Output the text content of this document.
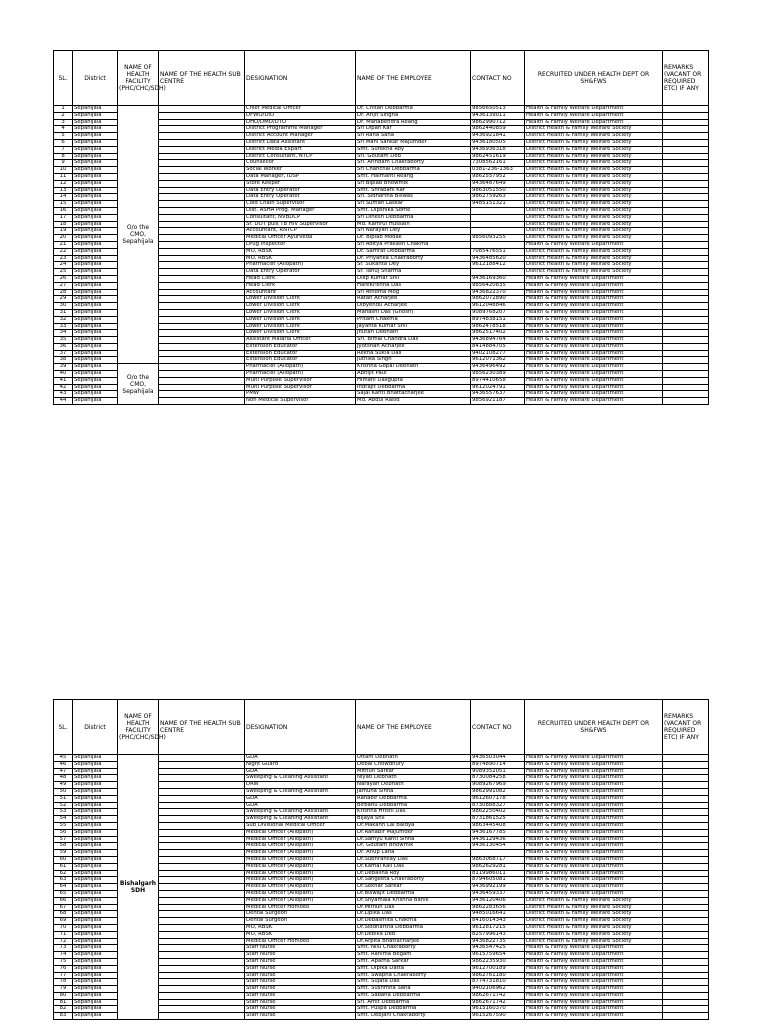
SL.	District	NAME OF HEALTH FACILITY (PHC/CHC/SDH)	NAME OF THE HEALTH SUB CENTRE	DESIGNATION	NAME OF THE EMPLOYEE	CONTACT NO	RECRUITED UNDER HEALTH DEPT OR SH&FWS	REMARKS (VACANT OR REQUIRED ETC) IF ANY
1	Sepahijala	O/o the CMO, Sepahijala		Chief Medical Officer	Dr. Chitan Debbarma	9856650513	Health & Family Welfare Department	
2	Sepahijala			DFWO/DIO	Dr. Arijit Singha	9436139011	Health & Family Welfare Department	
3	Sepahijala			DHO/DMO/DTO	Dr. Manabendra Reang	9862990712	Health & Family Welfare Department	
4	Sepahijala			District Programme Manager	Sri Dipan Kar	9862440859	District Health & Family Welfare Society	
5	Sepahijala			District Account Manager	Sri Rana Saha	9436921841	District Health & Family Welfare Society	
6	Sepahijala			District Data Assistant	Sri Mani Sankar Majumder	9436180505	District Health & Family Welfare Society	
7	Sepahijala			District Media Expart	Smt. Surekha Roy	9436936318	District Health & Family Welfare Society	
8	Sepahijala			District Consultant, NTCP	Sri. Goutam Deb	9862451619	District Health & Family Welfare Society	
9	Sepahijala			Counsellor	Sri. Arindam Chakraborty	7308562161	District Health & Family Welfare Society	
10	Sepahijala			Social Worker	Sri Chanchal Debbarma	0381-236-1363	District Health & Family Welfare Society	
11	Sepahijala			Data Manager, IDSP	Smt. Haimanti Reang	9862557952	District Health & Family Welfare Society	
12	Sepahijala			Store Keeper	Sri Biplab Bhowmik	9436487649	District Health & Family Welfare Society	
13	Sepahijala			Data Entry Operator	Smt. Shrabani Kar	9863051550	District Health & Family Welfare Society	
14	Sepahijala			Data Entry Operator	Sri. Sidhartha Biswas	9862759263	District Health & Family Welfare Society	
15	Sepahijala			Cold Chain Supervisor	Sri Suman Laskar	9485151321	District Health & Family Welfare Society	
16	Sepahijala			Dist. ASHA Prog. Manager	Smt. Dipshika Some		District Health & Family Welfare Society	
17	Sepahijala			Consultant, NVBDCP	Sri Dinesh Debbarma		District Health & Family Welfare Society	
18	Sepahijala			Sr. DOT puls TB HIV Supervisor	Md. Kamrul Hussain		District Health & Family Welfare Society	
19	Sepahijala			Accountant, RNTCP	Sri Narayan Dey		District Health & Family Welfare Society	
20	Sepahijala			Medical Officer Ayurveda	Dr. Biplab Modak	9856093255	District Health & Family Welfare Society	
21	Sepahijala			Drug Inspector	Sri Aditya Prakash Chakma		Health & Family Welfare Department	
22	Sepahijala			MO, RBSK	Dr. Samrat Debbarma	7085476551	District Health & Family Welfare Society	
23	Sepahijala			MO, RBSK	Dr. Priyanka Chakraborty	9436485620	District Health & Family Welfare Society	
24	Sepahijala			Pharmacist (Allopath)	Sr. Sukanta Dey	9612188412	District Health & Family Welfare Society	
25	Sepahijala			Data Entry Operator	Sr. Tanuj Sharma		District Health & Family Welfare Society	
26	Sepahijala			Head Clerk	Dilip Kumar Shil	9436169360	Health & Family Welfare Department	
27	Sepahijala			Head Clerk	HareKrishna Das	9856420835	Health & Family Welfare Department	
28	Sepahijala			Accountant	Sri Athoma Mog	9436822370	Health & Family Welfare Department	
29	Sepahijala			Lower Division Clerk	Ratan Acharjee	9862072890	Health & Family Welfare Department	
30	Sepahijala			Lower Division Clerk	Dibyendu Acharjee	9612048846	Health & Family Welfare Department	
31	Sepahijala			Lower Division Clerk	Manashi Das (Ghosh)	9089768207	Health & Family Welfare Department	
32	Sepahijala			Lower Division Clerk	Pritam Chakma	8974838151	Health & Family Welfare Department	
33	Sepahijala			Lower Division Clerk	Jayanta Kumar Shil	9862478518	Health & Family Welfare Department	
34	Sepahijala			Lower Division Clerk	Jhutan Debnath	9862517402	Health & Family Welfare Department	
35	Sepahijala			Assistant Malaria Officer	Sri. Bimal Chandra Das	9436894764	Health & Family Welfare Department	
36	Sepahijala			Extension Educator	Jyotsnan Acharjee	8414884705	Health & Family Welfare Department	
37	Sepahijala			Extension Educator	Rekha Sukla Das	9402108277	Health & Family Welfare Department	
38	Sepahijala			Extension Educator	Juthika Singh	9612071362	Health & Family Welfare Department	
39	Sepahijala	O/o the CMO, Sepahijala		Pharmacist (Allopath)	Krishna Gopal Debnath	9436496492	Health & Family Welfare Department	
40	Sepahijala			Pharmacist (Allopath)	Abhijit Paul	9856230389	Health & Family Welfare Department	
41	Sepahijala			Multi Purpose Supervisor	Himani Dasgupta	8974410658	Health & Family Welfare Department	
42	Sepahijala			Multi Purpose Supervisor	Indrajit Debbarma	9612024791	Health & Family Welfare Department	
43	Sepahijala			PMW	Sajal Kanti Bhattacharjee	9436557637	Health & Family Welfare Department	
44	Sepahijala			Non Medical Supervisor	Md. Abdul Rasid	9856921187	Health & Family Welfare Department	
SL.	District	NAME OF HEALTH FACILITY (PHC/CHC/SDH)	NAME OF THE HEALTH SUB CENTRE	DESIGNATION	NAME OF THE EMPLOYEE	CONTACT NO	RECRUITED UNDER HEALTH DEPT OR SH&FWS	REMARKS (VACANT OR REQUIRED ETC) IF ANY
45	Sepahijala	Bishalgarh SDH		GDA	Uttam Debnath	9436503044	Health & Family Welfare Department	
46	Sepahijala			Night Guard	Debal Chowdhury	8974890714	Health & Family Welfare Department	
47	Sepahijala			GDA	Mithun Sarkar	9089352051	Health & Family Welfare Department	
48	Sepahijala			Sweeping & Cleaning Assistant	Niyati Debnath	8730084258	Health & Family Welfare Department	
49	Sepahijala			DRW	Narayan Debnath	9089267969	Health & Family Welfare Department	
50	Sepahijala			Sweeping & Cleaning Assistant	Jamuna Sinha	9862991082	Health & Family Welfare Department	
51	Sepahijala			GDA	Ranabir Debbarma	9612607178	Health & Family Welfare Department	
52	Sepahijala			GDA	Birbahu Debbarma	8730888327	Health & Family Welfare Department	
53	Sepahijala			Sweeping & Cleaning Assistant	Krishna Hrishi Das	9862250402	Health & Family Welfare Department	
54	Sepahijala			Sweeping & Cleaning Assistant	Bijaya Shil	8731861525	Health & Family Welfare Department	
55	Sepahijala			Sub Divisional Medical Officer	Dr.Makahn Lal Baidya	9863445408	Health & Family Welfare Department	
56	Sepahijala			Medical Officer (Allopath)	Dr.Ranabir Majumder	9436167785	Health & Family Welfare Department	
57	Sepahijala			Medical Officer (Allopath)	Dr.Samyu Kanti Sinha	9436129436	Health & Family Welfare Department	
58	Sepahijala			Medical Officer (Allopath)	Dr. Goutam Bhowmik	9436130454	Health & Family Welfare Department	
59	Sepahijala			Medical Officer (Allopath)	Dr. Anup Laha		Health & Family Welfare Department	
60	Sepahijala			Medical Officer (Allopath)	Dr.Subhranilay Das	9863068717	Health & Family Welfare Department	
61	Sepahijala			Medical Officer (Allopath)	Dr.Kamal Kali Das	9862629281	Health & Family Welfare Department	
62	Sepahijala			Medical Officer (Allopath)	Dr.Debalina Roy	8119986011	Health & Family Welfare Department	
63	Sepahijala			Medical Officer (Allopath)	Dr.Sangeeta Chakraborty	8794605081	Health & Family Welfare Department	
64	Sepahijala			Medical Officer (Allopath)	Dr.Sekhar Sarkar	9436992199	Health & Family Welfare Department	
65	Sepahijala			Medical Officer (Allopath)	Dr.Biswajit Debbarma	9436459337	Health & Family Welfare Department	
66	Sepahijala			Medical Officer (Allopath)	Dr.Shyamala Krishna Banik	9436120406	District Health & Family Welfare Society	
67	Sepahijala			Medical Officer Homoeo	Dr.Mithun Das	9862283656	District Health & Family Welfare Society	
68	Sepahijala			Dental Surgeon	Dr.Lipika Das	9485016641	District Health & Family Welfare Society	
69	Sepahijala			Dental Surgeon	Dr.Debasmita Chakma	8416014343	District Health & Family Welfare Society	
70	Sepahijala			MO, RBSK	Dr.Siddhartha Debbarma	9612817215	District Health & Family Welfare Society	
71	Sepahijala			MO, RBSK	Dr.Debika Deb	8257996143	District Health & Family Welfare Society	
72	Sepahijala			Medical Officer Homoeo	Dr.Arpita Bhattacharjee	9436822735	District Health & Family Welfare Society	
73	Sepahijala			Staff Nurse	Smt. Nilu Chakraborty	9436547425	Health & Family Welfare Department	
74	Sepahijala			Staff Nurse	Smt. Rahima Begam	9615759654	Health & Family Welfare Department	
75	Sepahijala			Staff Nurse	Smt. Aparna Sarkar	9862235930	Health & Family Welfare Department	
76	Sepahijala			Staff Nurse	Smt. Dipika Datta	9612700189	Health & Family Welfare Department	
77	Sepahijala			Staff Nurse	Smt. Swapna Chakraborty	9862761180	Health & Family Welfare Department	
78	Sepahijala			Staff Nurse	Smt. Sujata Das	8774731810	Health & Family Welfare Department	
79	Sepahijala			Staff Nurse	Smt. Sushmita Saha	9402106962	Health & Family Welfare Department	
80	Sepahijala			Staff Nurse	Smt. Sabana Debbarma	9862671742	Health & Family Welfare Department	
81	Sepahijala			Staff Nurse	Sri. Amit Debbarma	9862671742	Health & Family Welfare Department	
82	Sepahijala			Staff Nurse	Smt. Puspa Debbarma	9615160370	Health & Family Welfare Department	
83	Sepahijala			Staff Nurse	Smt. Debjani Chakraborty	9615267590	Health & Family Welfare Department	
